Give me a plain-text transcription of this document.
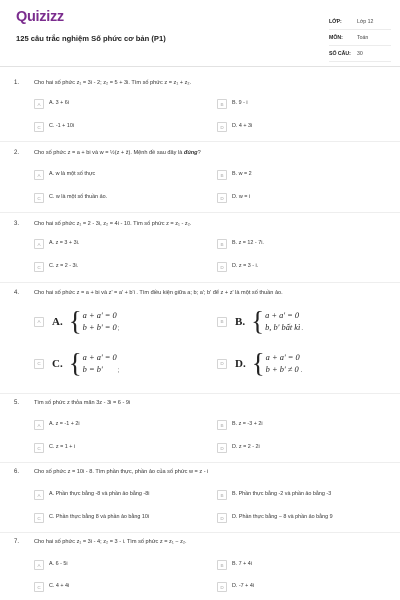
Quizizz
125 câu trắc nghiệm Số phức cơ bản (P1)
LỚP:	Lớp 12
MÔN:	Toán
SỐ CÂU:	30
1.	Cho hai số phức z₁ = 3i - 2; z₂ = 5 + 3i. Tìm số phức z = z₁ + z₂.
A	A. 3 + 6i	B	B. 9 - i
C	C. -1 + 10i	D	D. 4 + 3i
2.	Cho số phức z = a + bi và w = ½(z + z̄). Mệnh đề sau đây là đúng?
A	A. w là một số thực	B	B. w = 2
C	C. w là một số thuần ảo.	D	D. w = i
3.	Cho hai số phức z₁ = 2 - 3i, z₂ = 4i - 10. Tìm số phức z = z₁ - z₂.
A	A. z = 3 + 3i.	B	B. z = 12 - 7i.
C	C. z = 2 - 3i.	D	D. z = 3 - i.
4.	Cho hai số phức z = a + bi và z' = a' + b'i . Tìm điều kiện giữa a; b; a'; b' để z + z' là một số thuần ảo.
A	A. { a + a' = 0
b + b' = 0 ;
B	B. { a + a' = 0
b, b' bất kì .
C	C. { a + a' = 0
b = b'	;
D	D. { a + a' = 0
b + b' ≠ 0 .
5.	Tìm số phức z thỏa mãn 3z - 3i = 6 - 9i
A	A. z = -1 + 2i	B	B. z = -3 + 2i
C	C. z = 1 + i	D	D. z = 2 - 2i
6.	Cho số phức z = 10i - 8. Tìm phần thực, phần ảo của số phức w = z - i
A	A. Phần thực bằng -8 và phần ảo bằng -8i	B	B. Phần thực bằng -2 và phần ảo bằng -3
C	C. Phần thực bằng 8 và phần ảo bằng 10i	D	D. Phần thực bằng − 8 và phần ảo bằng 9
7.	Cho hai số phức z₁ = 3i - 4; z₂ = 3 - i. Tìm số phức z = z₁ − z₂.
A	A. 6 - 5i	B	B. 7 + 4i
C	C. 4 + 4i	D	D. -7 + 4i
